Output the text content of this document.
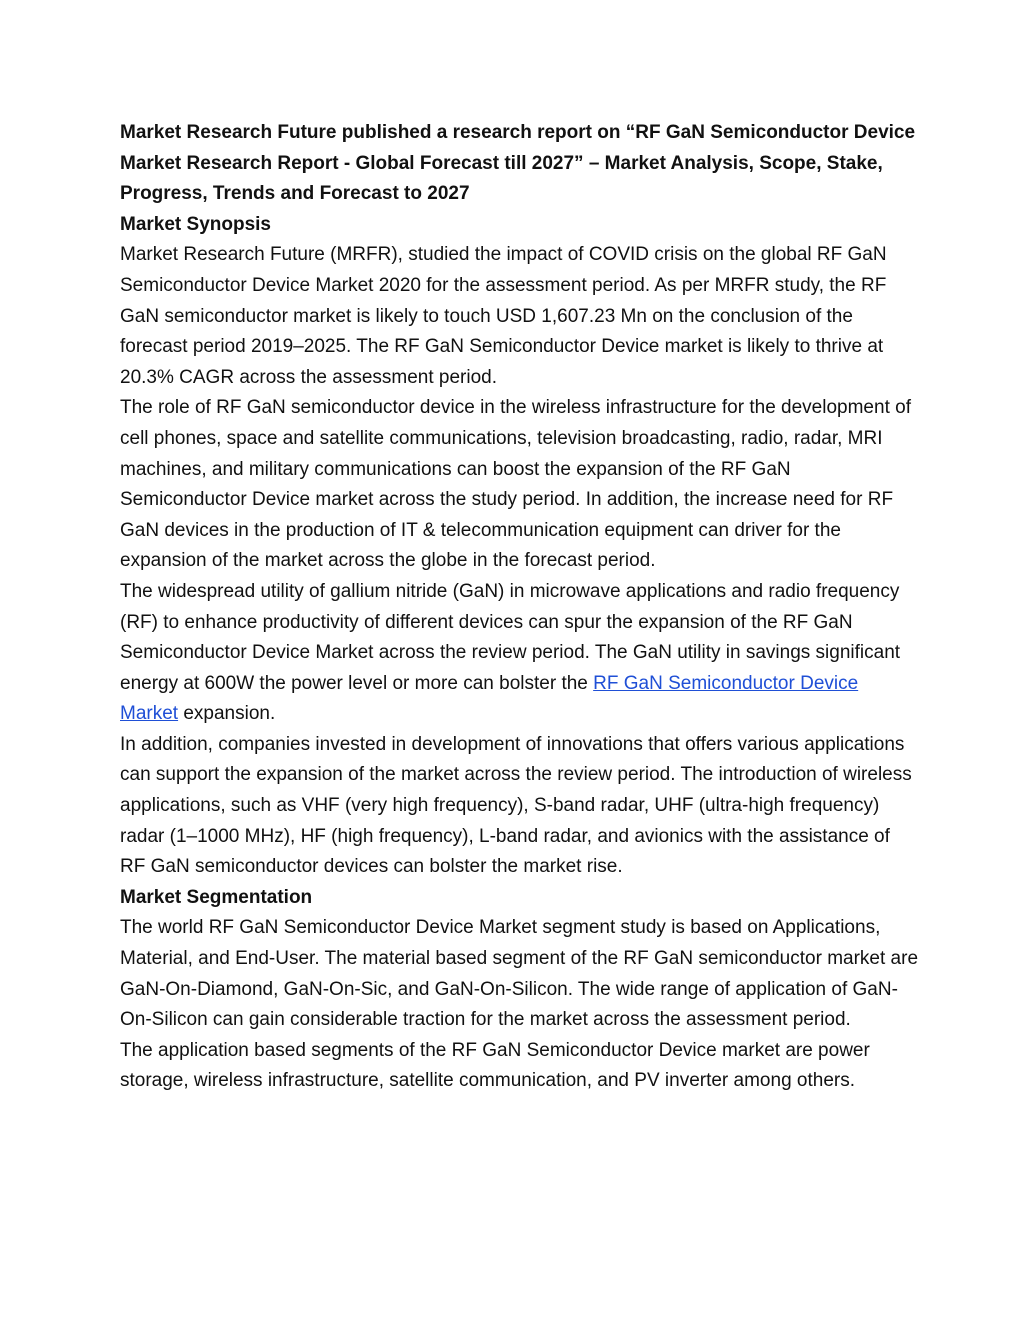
Market Research Future published a research report on “RF GaN Semiconductor Device Market Research Report - Global Forecast till 2027” – Market Analysis, Scope, Stake, Progress, Trends and Forecast to 2027

Market Synopsis

Market Research Future (MRFR), studied the impact of COVID crisis on the global RF GaN Semiconductor Device Market 2020 for the assessment period. As per MRFR study, the RF GaN semiconductor market is likely to touch USD 1,607.23 Mn on the conclusion of the forecast period 2019–2025. The RF GaN Semiconductor Device market is likely to thrive at 20.3% CAGR across the assessment period.

The role of RF GaN semiconductor device in the wireless infrastructure for the development of cell phones, space and satellite communications, television broadcasting, radio, radar, MRI machines, and military communications can boost the expansion of the RF GaN Semiconductor Device market across the study period. In addition, the increase need for RF GaN devices in the production of IT & telecommunication equipment can driver for the expansion of the market across the globe in the forecast period.

The widespread utility of gallium nitride (GaN) in microwave applications and radio frequency (RF) to enhance productivity of different devices can spur the expansion of the RF GaN Semiconductor Device Market across the review period. The GaN utility in savings significant energy at 600W the power level or more can bolster the RF GaN Semiconductor Device Market expansion.

In addition, companies invested in development of innovations that offers various applications can support the expansion of the market across the review period. The introduction of wireless applications, such as VHF (very high frequency), S-band radar, UHF (ultra-high frequency) radar (1–1000 MHz), HF (high frequency), L-band radar, and avionics with the assistance of RF GaN semiconductor devices can bolster the market rise.

Market Segmentation

The world RF GaN Semiconductor Device Market segment study is based on Applications, Material, and End-User. The material based segment of the RF GaN semiconductor market are GaN-On-Diamond, GaN-On-Sic, and GaN-On-Silicon. The wide range of application of GaN-On-Silicon can gain considerable traction for the market across the assessment period.

The application based segments of the RF GaN Semiconductor Device market are power storage, wireless infrastructure, satellite communication, and PV inverter among others.
